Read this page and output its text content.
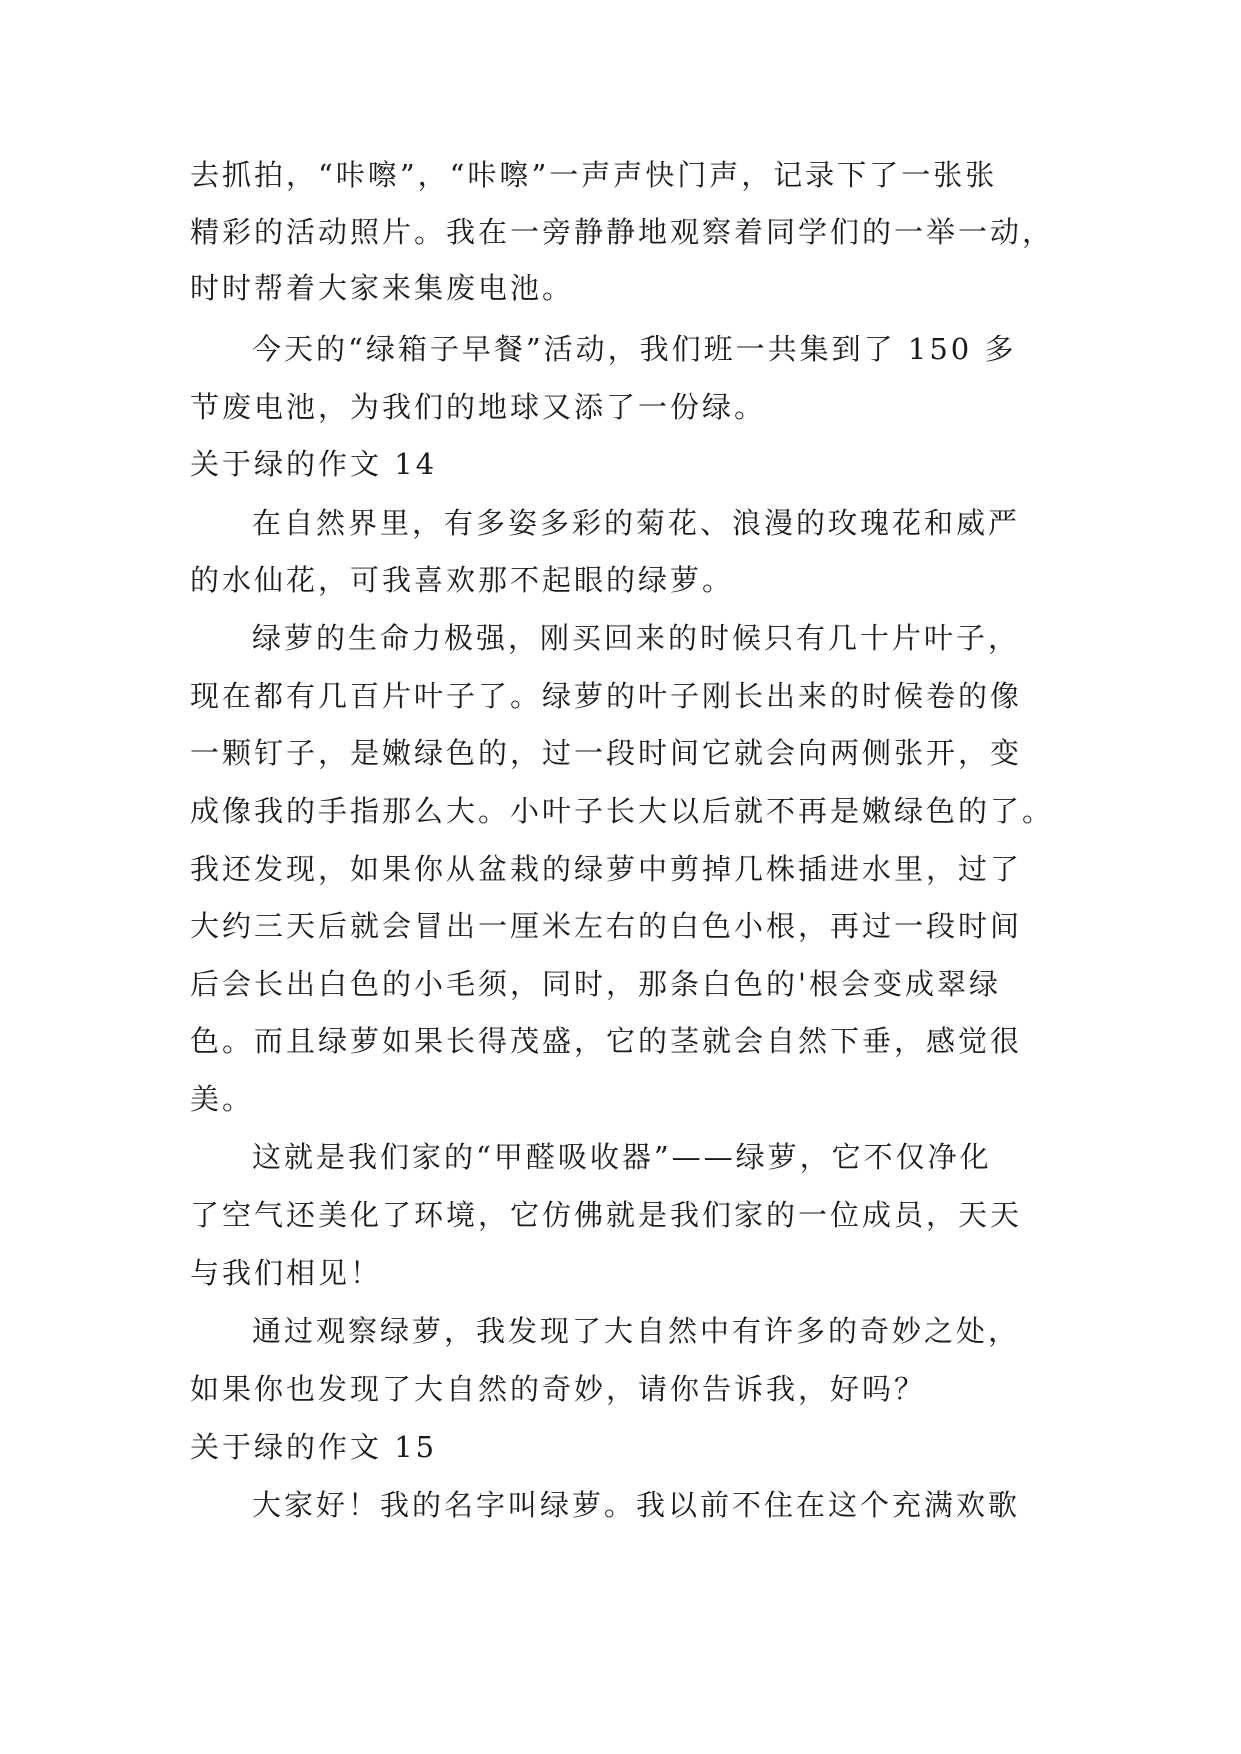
去抓拍，“咔嚓”，“咔嚓”一声声快门声，记录下了一张张
精彩的活动照片。我在一旁静静地观察着同学们的一举一动，
时时帮着大家来集废电池。
今天的“绿箱子早餐”活动，我们班一共集到了 150 多
节废电池，为我们的地球又添了一份绿。
关于绿的作文 14
在自然界里，有多姿多彩的菊花、浪漫的玫瑰花和威严
的水仙花，可我喜欢那不起眼的绿萝。
绿萝的生命力极强，刚买回来的时候只有几十片叶子，
现在都有几百片叶子了。绿萝的叶子刚长出来的时候卷的像
一颗钉子，是嫩绿色的，过一段时间它就会向两侧张开，变
成像我的手指那么大。小叶子长大以后就不再是嫩绿色的了。
我还发现，如果你从盆栽的绿萝中剪掉几株插进水里，过了
大约三天后就会冒出一厘米左右的白色小根，再过一段时间
后会长出白色的小毛须，同时，那条白色的'根会变成翠绿
色。而且绿萝如果长得茂盛，它的茎就会自然下垂，感觉很
美。
这就是我们家的“甲醛吸收器”——绿萝，它不仅净化
了空气还美化了环境，它仿佛就是我们家的一位成员，天天
与我们相见！
通过观察绿萝，我发现了大自然中有许多的奇妙之处，
如果你也发现了大自然的奇妙，请你告诉我，好吗？
关于绿的作文 15
大家好！我的名字叫绿萝。我以前不住在这个充满欢歌
